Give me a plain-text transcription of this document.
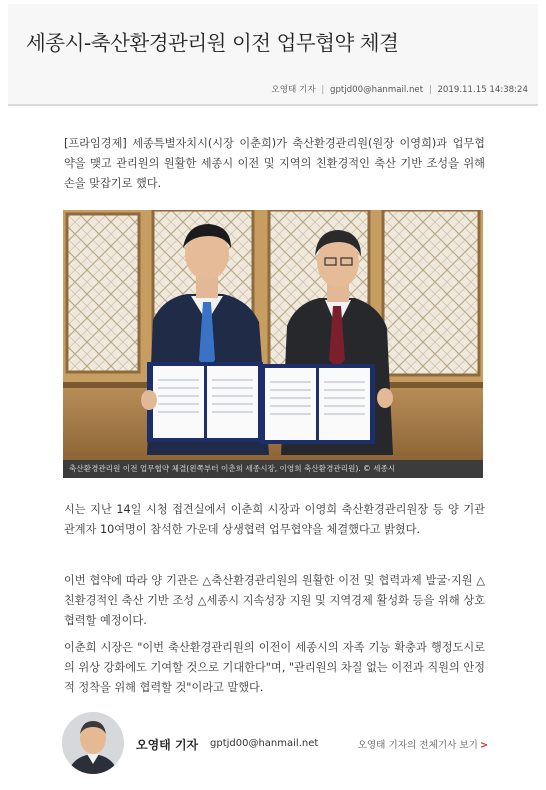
세종시-축산환경관리원 이전 업무협약 체결
오영태 기자 | gptjd00@hanmail.net | 2019.11.15 14:38:24

[프라임경제] 세종특별자치시(시장 이춘희)가 축산환경관리원(원장 이영희)과 업무협약을 맺고 관리원의 원활한 세종시 이전 및 지역의 친환경적인 축산 기반 조성을 위해 손을 맞잡기로 했다.

축산환경관리원 이전 업무협약 체결(왼쪽부터 이춘희 세종시장, 이영희 축산환경관리원). © 세종시

시는 지난 14일 시청 접견실에서 이춘희 시장과 이영희 축산환경관리원장 등 양 기관 관계자 10여명이 참석한 가운데 상생협력 업무협약을 체결했다고 밝혔다.

이번 협약에 따라 양 기관은 △축산환경관리원의 원활한 이전 및 협력과제 발굴·지원 △친환경적인 축산 기반 조성 △세종시 지속성장 지원 및 지역경제 활성화 등을 위해 상호 협력할 예정이다.

이춘희 시장은 "이번 축산환경관리원의 이전이 세종시의 자족 기능 확충과 행정도시로의 위상 강화에도 기여할 것으로 기대한다"며, "관리원의 차질 없는 이전과 직원의 안정적 정착을 위해 협력할 것"이라고 말했다.

오영태 기자 gptjd00@hanmail.net	오영태 기자의 전체기사 보기 >
